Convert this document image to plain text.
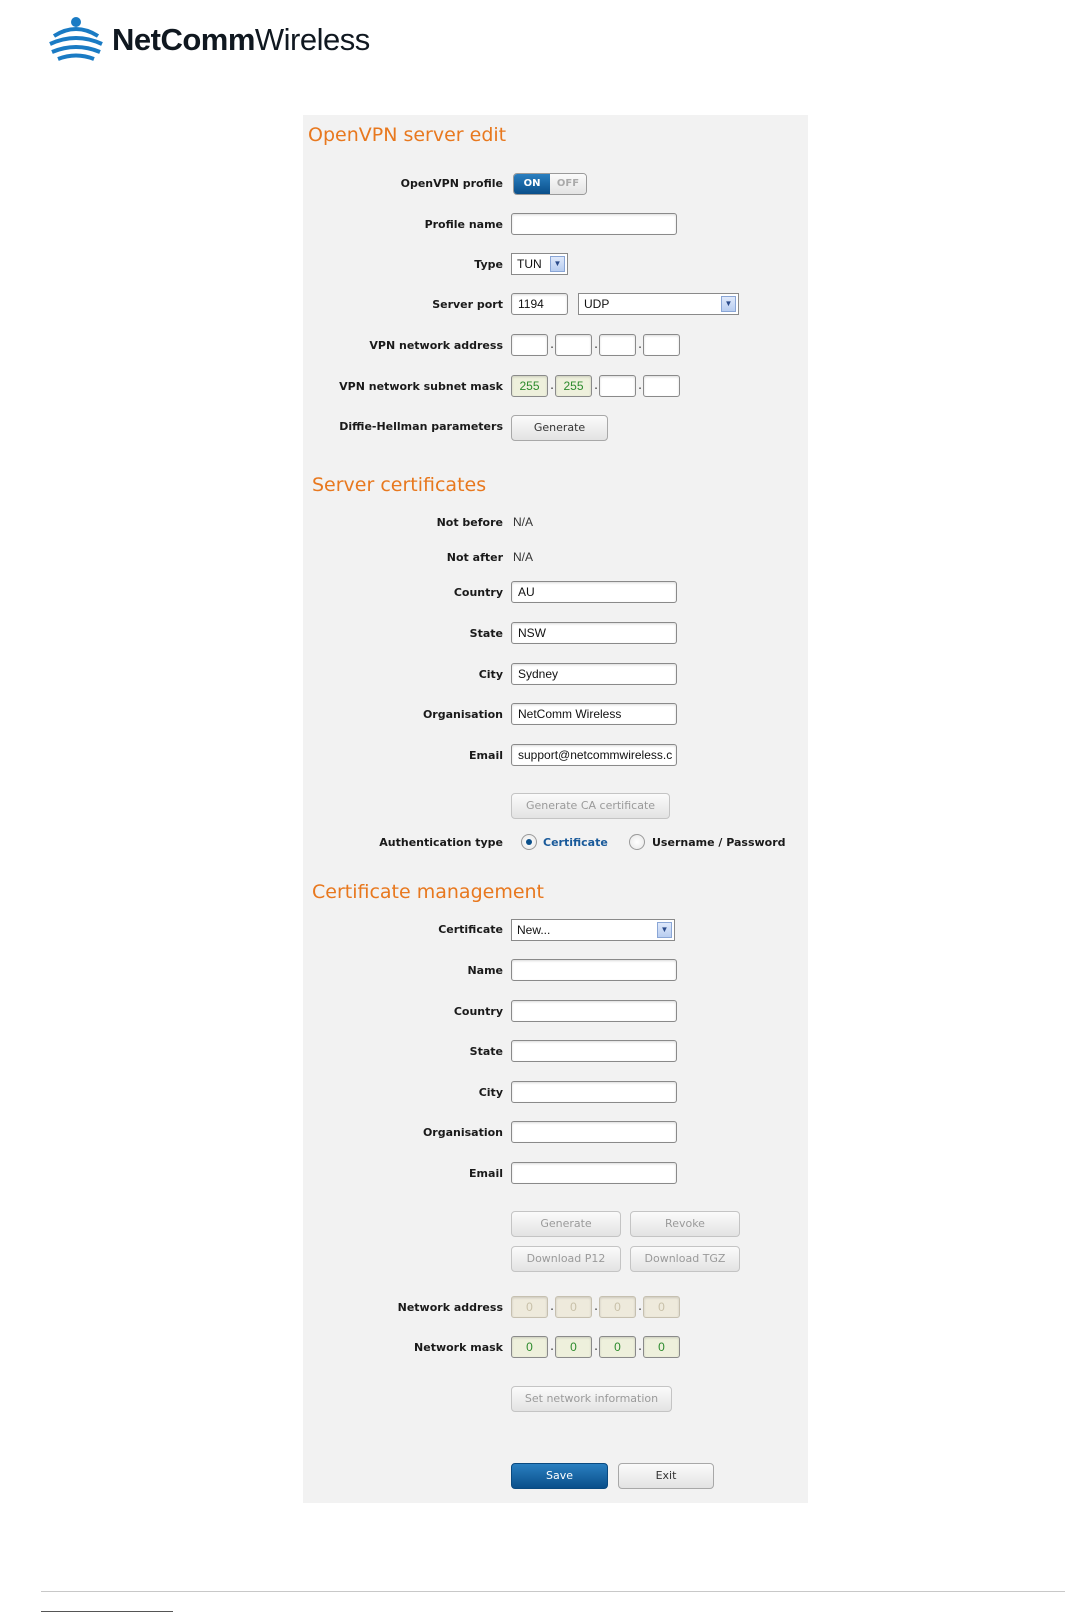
NetCommWireless
OpenVPN server edit
OpenVPN profile	ON	OFF
Profile name
Type	TUN	▼
Server port	1194	UDP	▼
VPN network address	.	.	.
VPN network subnet mask	255 . 255 .	.
Diffie-Hellman parameters	Generate
Server certificates
Not before N/A
Not after N/A
Country	AU
State	NSW
City	Sydney
Organisation	NetComm Wireless
Email	support@netcommwireless.c
Generate CA certificate
Authentication type	Certificate	Username / Password
Certificate management
Certificate	New...	▼
Name
Country
State
City
Organisation
Email
Generate	Revoke
Download P12	Download TGZ
Network address	0	.	0	.	0	.	0
Network mask	0	.	0	.	0	.	0
Set network information
Save	Exit
